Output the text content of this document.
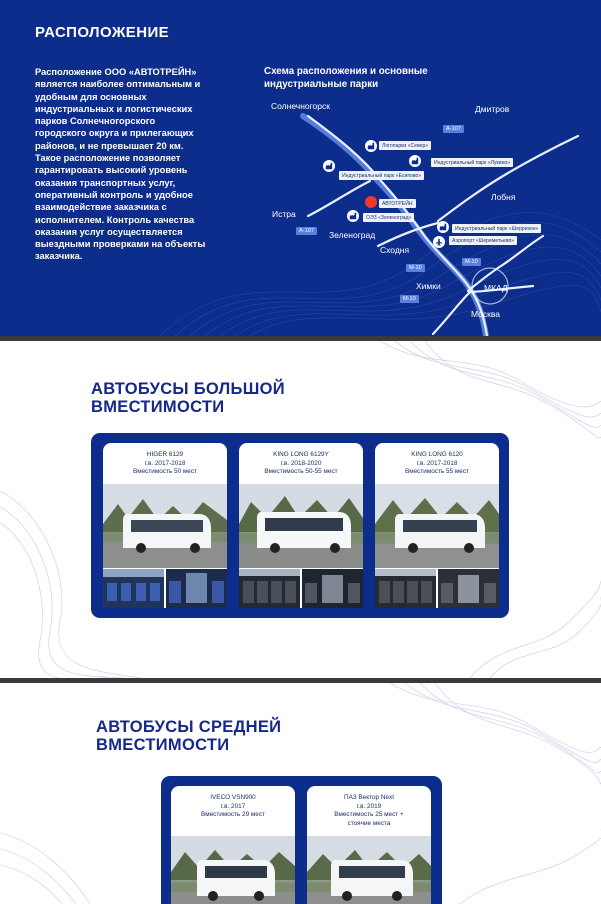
РАСПОЛОЖЕНИЕ
Расположение ООО «АВТОТРЕЙН»
является наиболее оптимальным и
удобным для основных
индустриальных и логистических
парков Солнечногорского
городского округа и прилегающих
районов, и не превышает 20 км.
Такое расположение позволяет
гарантировать высокий уровень
оказания транспортных услуг,
оперативный контроль и удобное
взаимодействие заказчика с
исполнителем. Контроль качества
оказания услуг осуществляется
выездными проверками на объекты
заказчика.
Схема расположения и основные
индустриальные парки
Солнечногорск	Дмитров
Лобня
Истра
Зеленоград
Сходня
Химки	МКАД
Москва
А-107
А-107
М-10
М-10
М-10
Логопарки «Север»
Индустриальный парк «Лукино»
Индустриальный парк «Есипово»
АВТОТРЕЙН
ОЭЗ «Зеленоград»
Индустриальный парк «Шерризон»
Аэропорт «Шереметьево»
АВТОБУСЫ БОЛЬШОЙ
ВМЕСТИМОСТИ
HIGER 6129
г.в. 2017-2018
Вместимость 50 мест
KING LONG 6129Y
г.в. 2018-2020
Вместимость 50-55 мест
KING LONG 6120
г.в. 2017-2018
Вместимость 55 мест
АВТОБУСЫ СРЕДНЕЙ
ВМЕСТИМОСТИ
IVECO VSN900
г.в. 2017
Вместимость 29 мест
ПАЗ Вектор Next
г.в. 2019
Вместимость 25 мест +
стоячие места
